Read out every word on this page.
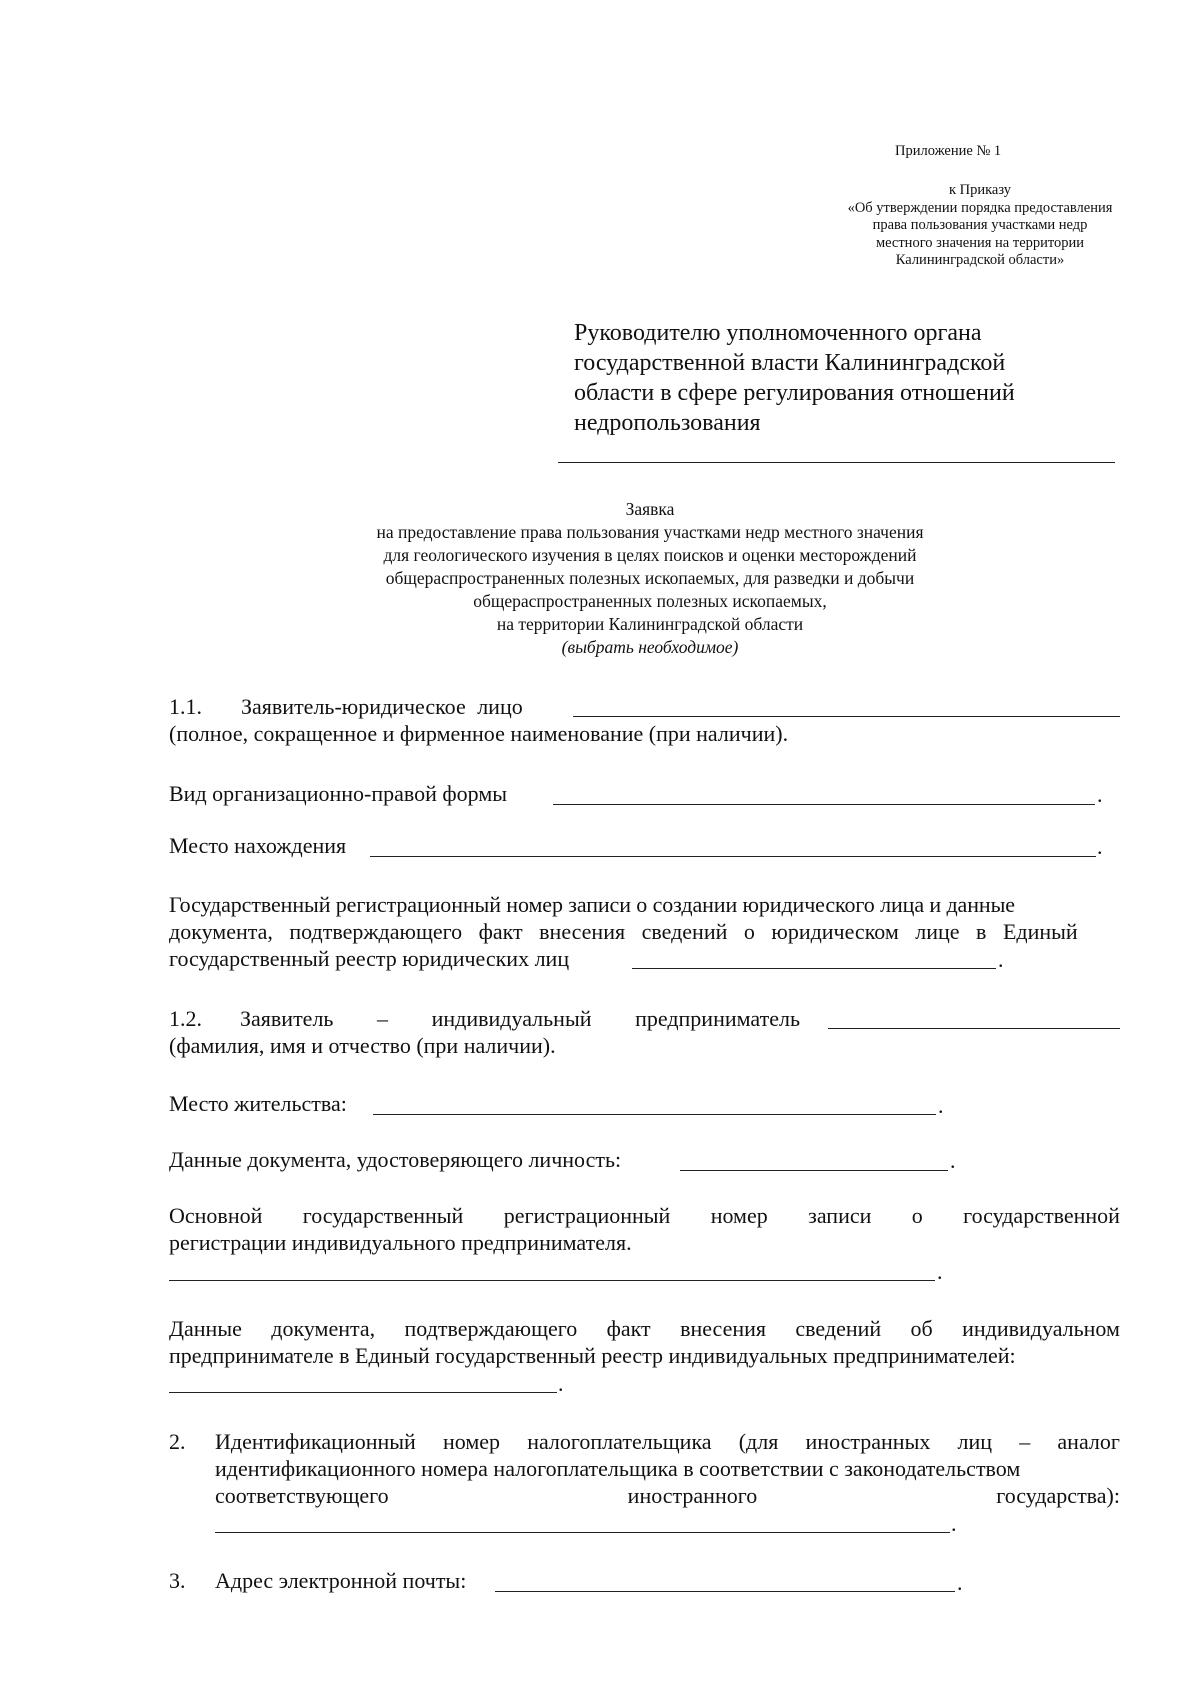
Приложение № 1
к Приказу
«Об утверждении порядка предоставления
права пользования участками недр
местного значения на территории
Калининградской области»
Руководителю уполномоченного органа
государственной власти Калининградской
области в сфере регулирования отношений
недропользования
Заявка
на предоставление права пользования участками недр местного значения
для геологического изучения в целях поисков и оценки месторождений
общераспространенных полезных ископаемых, для разведки и добычи
общераспространенных полезных ископаемых,
на территории Калининградской области
(выбрать необходимое)
1.1. Заявитель-юридическое лицо
(полное, сокращенное и фирменное наименование (при наличии).
Вид организационно-правой формы	.
Место нахождения	.
Государственный регистрационный номер записи о создании юридического лица и данные
документа, подтверждающего факт внесения сведений о юридическом лице в Единый
государственный реестр юридических лиц	.
1.2. Заявитель – индивидуальный предприниматель
(фамилия, имя и отчество (при наличии).
Место жительства:	.
Данные документа, удостоверяющего личность:	.
Основной государственный регистрационный номер записи о государственной
регистрации индивидуального предпринимателя.
.
Данные документа, подтверждающего факт внесения сведений об индивидуальном
предпринимателе в Единый государственный реестр индивидуальных предпринимателей:
.
2. Идентификационный номер налогоплательщика (для иностранных лиц – аналог
идентификационного номера налогоплательщика в соответствии с законодательством
соответствующего	иностранного	государства):
.
3. Адрес электронной почты:	.
